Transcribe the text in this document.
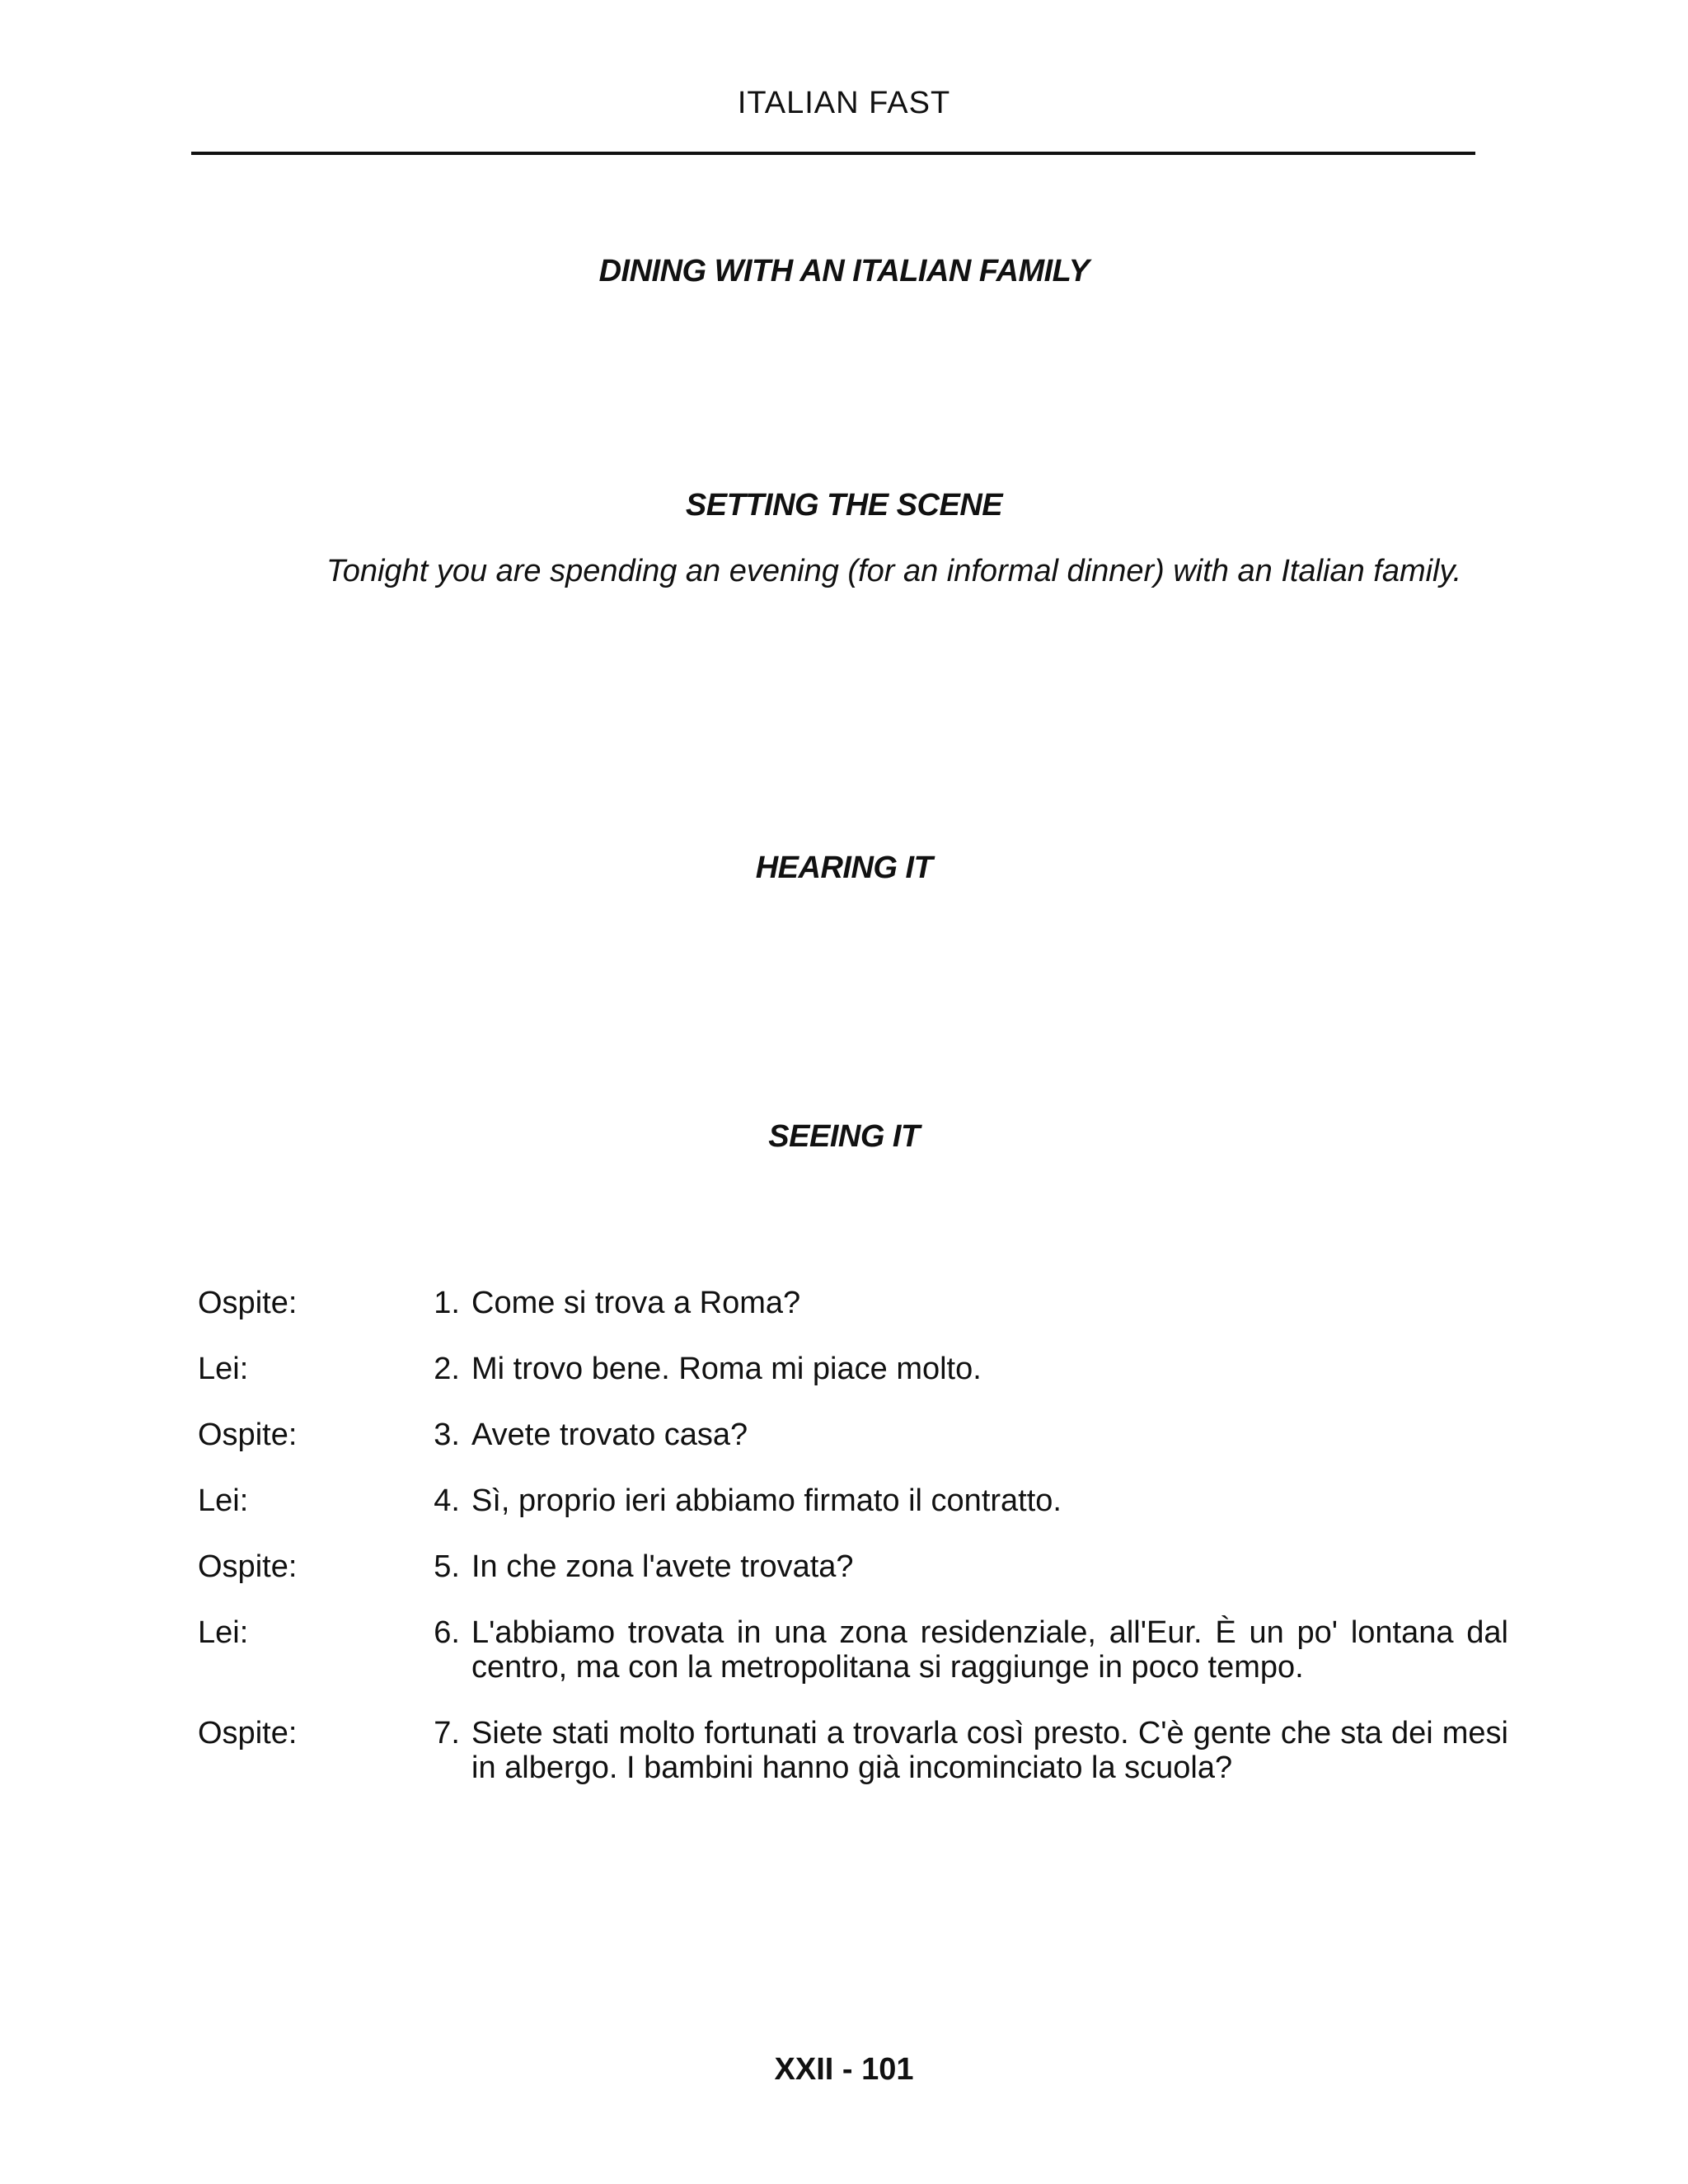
ITALIAN FAST
DINING WITH AN ITALIAN FAMILY
SETTING THE SCENE
Tonight you are spending an evening (for an informal dinner) with an Italian family.
HEARING IT
SEEING IT
Ospite:	1. Come si trova a Roma?
Lei:	2. Mi trovo bene. Roma mi piace molto.
Ospite:	3. Avete trovato casa?
Lei:	4. Sì, proprio ieri abbiamo firmato il contratto.
Ospite:	5. In che zona l'avete trovata?
Lei:	6. L'abbiamo trovata in una zona residenziale, all'Eur. È un po' lontana dal centro, ma con la metropolitana si raggiunge in poco tempo.
Ospite:	7. Siete stati molto fortunati a trovarla così presto. C'è gente che sta dei mesi in albergo. I bambini hanno già incominciato la scuola?
XXII - 101
